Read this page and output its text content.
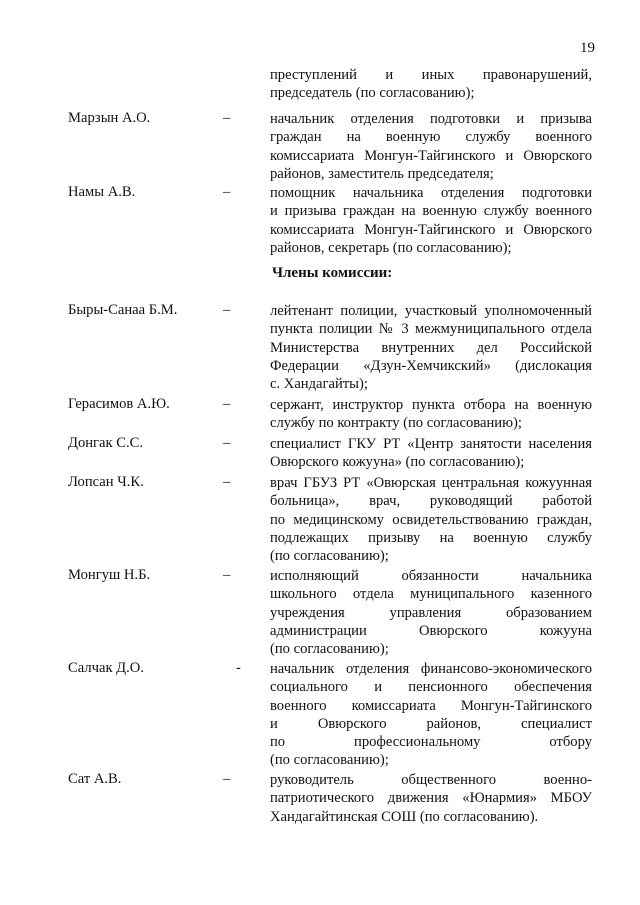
19
преступлений и иных правонарушений,
председатель (по согласованию);
Марзын А.О.	–	начальник отделения подготовки и призыва
граждан на военную службу военного
комиссариата Монгун-Тайгинского и Овюрского
районов, заместитель председателя;
Намы А.В.	–	помощник начальника отделения подготовки
и призыва граждан на военную службу военного
комиссариата Монгун-Тайгинского и Овюрского
районов, секретарь (по согласованию);
Члены комиссии:
Быры-Санаа Б.М.	–	лейтенант полиции, участковый уполномоченный
пункта полиции № 3 межмуниципального отдела
Министерства внутренних дел Российской
Федерации «Дзун-Хемчикский» (дислокация
с. Хандагайты);
Герасимов А.Ю.	–	сержант, инструктор пункта отбора на военную
службу по контракту (по согласованию);
Донгак С.С.	–	специалист ГКУ РТ «Центр занятости населения
Овюрского кожууна» (по согласованию);
Лопсан Ч.К.	–	врач ГБУЗ РТ «Овюрская центральная кожуунная
больница», врач, руководящий работой
по медицинскому освидетельствованию граждан,
подлежащих призыву на военную службу
(по согласованию);
Монгуш Н.Б.	–	исполняющий обязанности начальника
школьного отдела муниципального казенного
учреждения управления образованием
администрации Овюрского кожууна
(по согласованию);
Салчак Д.О.	- начальник отделения финансово-экономического
социального и пенсионного обеспечения
военного комиссариата Монгун-Тайгинского
и Овюрского районов, специалист
по профессиональному отбору
(по согласованию);
Сат А.В.	–	руководитель общественного военно-
патриотического движения «Юнармия» МБОУ
Хандагайтинская СОШ (по согласованию).
